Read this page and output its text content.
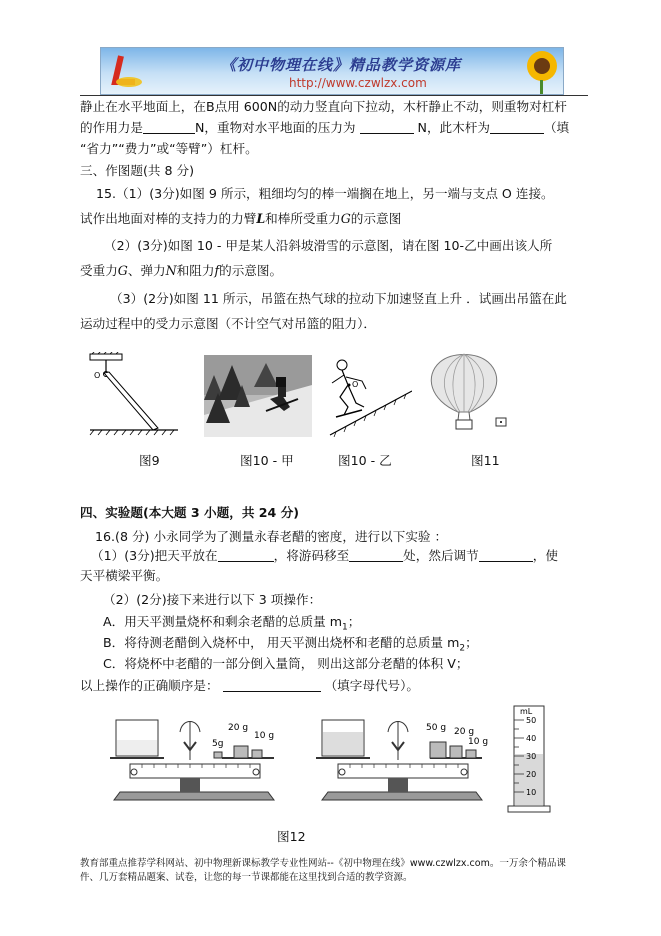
《初中物理在线》精品教学资源库
http://www.czwlzx.com
静止在水平地面上，在B点用 600N的动力竖直向下拉动，木杆静止不动，则重物对杠杆
的作用力是	N，重物对水平地面的压力为	N，此木杆为	（填
“省力”“费力”或“等臂”）杠杆。
三、作图题(共 8 分)
15.（1）(3分)如图 9 所示，粗细均匀的棒一端搁在地上，另一端与支点 O 连接。
试作出地面对棒的支持力的力臂L和棒所受重力G的示意图
（2）(3分)如图 10 - 甲是某人沿斜坡滑雪的示意图，请在图 10-乙中画出该人所
受重力G、弹力N和阻力f的示意图。
（3）(2分)如图 11 所示，吊篮在热气球的拉动下加速竖直上升 ．试画出吊篮在此
运动过程中的受力示意图（不计空气对吊篮的阻力）．
O
O
图9	图10 - 甲	图10 - 乙	图11
四、实验题(本大题 3 小题，共 24 分)
16.(8 分) 小永同学为了测量永春老醋的密度，进行以下实验 ：
（1）(3分)把天平放在	，将游码移至	处，然后调节	，使
天平横梁平衡。
（2）(2分)接下来进行以下 3 项操作：
A．用天平测量烧杯和剩余老醋的总质量 $m_1$；
B．将待测老醋倒入烧杯中， 用天平测出烧杯和老醋的总质量 $m_2$；
C．将烧杯中老醋的一部分倒入量筒， 则出这部分老醋的体积 V；
以上操作的正确顺序是：	（填字母代号）。
20 g
10 g
5g
50 g 20 g
10 g
mL
50
40
30
20
10
图12
教育部重点推荐学科网站、初中物理新课标教学专业性网站--《初中物理在线》www.czwlzx.com。一万余个精品课
件、几万套精品题案、试卷，让您的每一节课都能在这里找到合适的教学资源。
